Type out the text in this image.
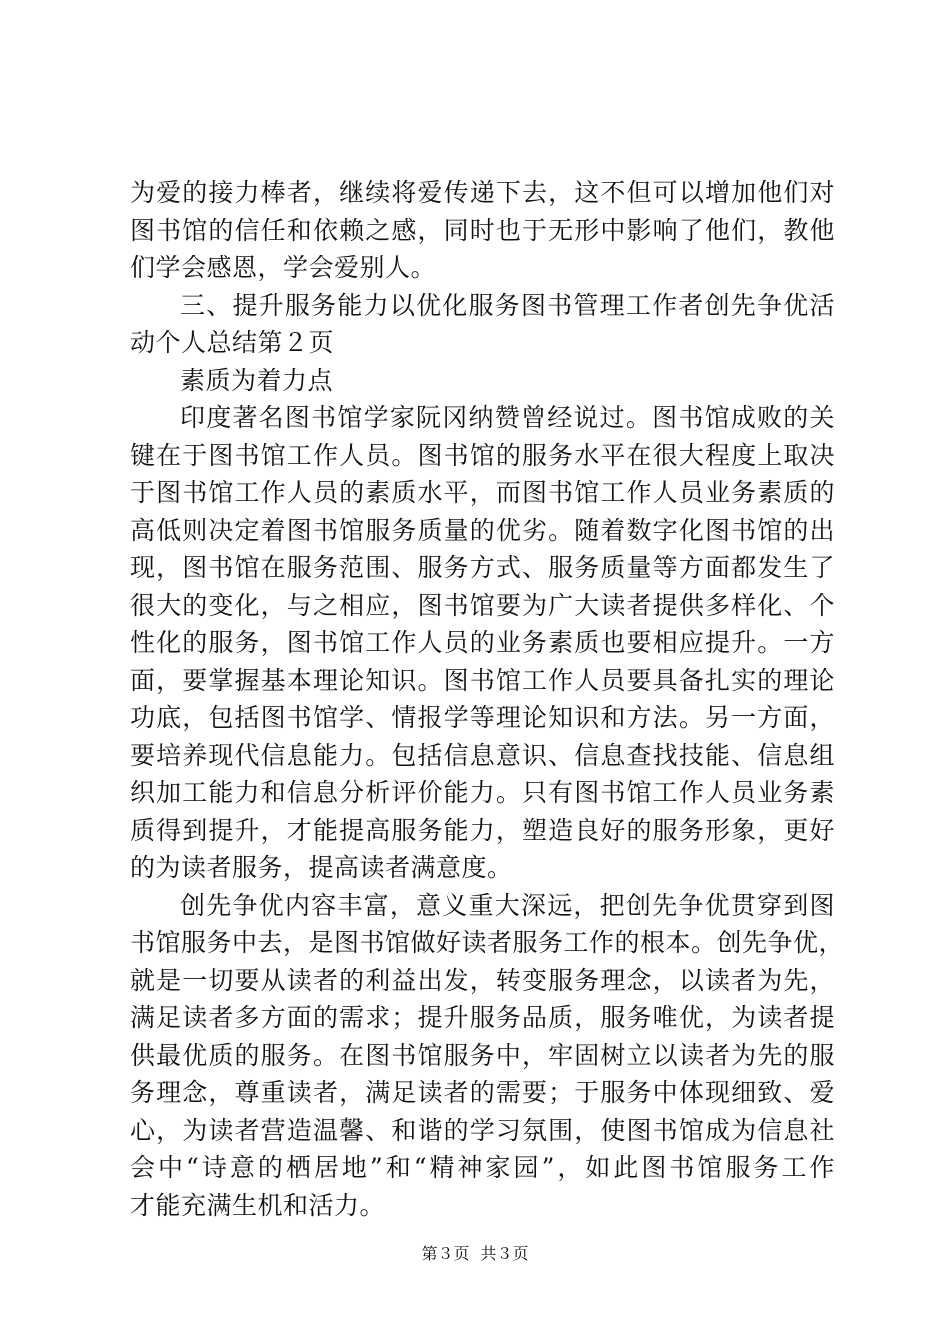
为爱的接力棒者，继续将爱传递下去，这不但可以增加他们对
图书馆的信任和依赖之感，同时也于无形中影响了他们，教他
们学会感恩，学会爱别人。
三、提升服务能力以优化服务图书管理工作者创先争优活
动个人总结第２页
素质为着力点
印度著名图书馆学家阮冈纳赞曾经说过。图书馆成败的关
键在于图书馆工作人员。图书馆的服务水平在很大程度上取决
于图书馆工作人员的素质水平，而图书馆工作人员业务素质的
高低则决定着图书馆服务质量的优劣。随着数字化图书馆的出
现，图书馆在服务范围、服务方式、服务质量等方面都发生了
很大的变化，与之相应，图书馆要为广大读者提供多样化、个
性化的服务，图书馆工作人员的业务素质也要相应提升。一方
面，要掌握基本理论知识。图书馆工作人员要具备扎实的理论
功底，包括图书馆学、情报学等理论知识和方法。另一方面，
要培养现代信息能力。包括信息意识、信息查找技能、信息组
织加工能力和信息分析评价能力。只有图书馆工作人员业务素
质得到提升，才能提高服务能力，塑造良好的服务形象，更好
的为读者服务，提高读者满意度。
创先争优内容丰富，意义重大深远，把创先争优贯穿到图
书馆服务中去，是图书馆做好读者服务工作的根本。创先争优，
就是一切要从读者的利益出发，转变服务理念，以读者为先，
满足读者多方面的需求；提升服务品质，服务唯优，为读者提
供最优质的服务。在图书馆服务中，牢固树立以读者为先的服
务理念，尊重读者，满足读者的需要；于服务中体现细致、爱
心，为读者营造温馨、和谐的学习氛围，使图书馆成为信息社
会中“诗意的栖居地”和“精神家园”，如此图书馆服务工作
才能充满生机和活力。
第３页 共３页
